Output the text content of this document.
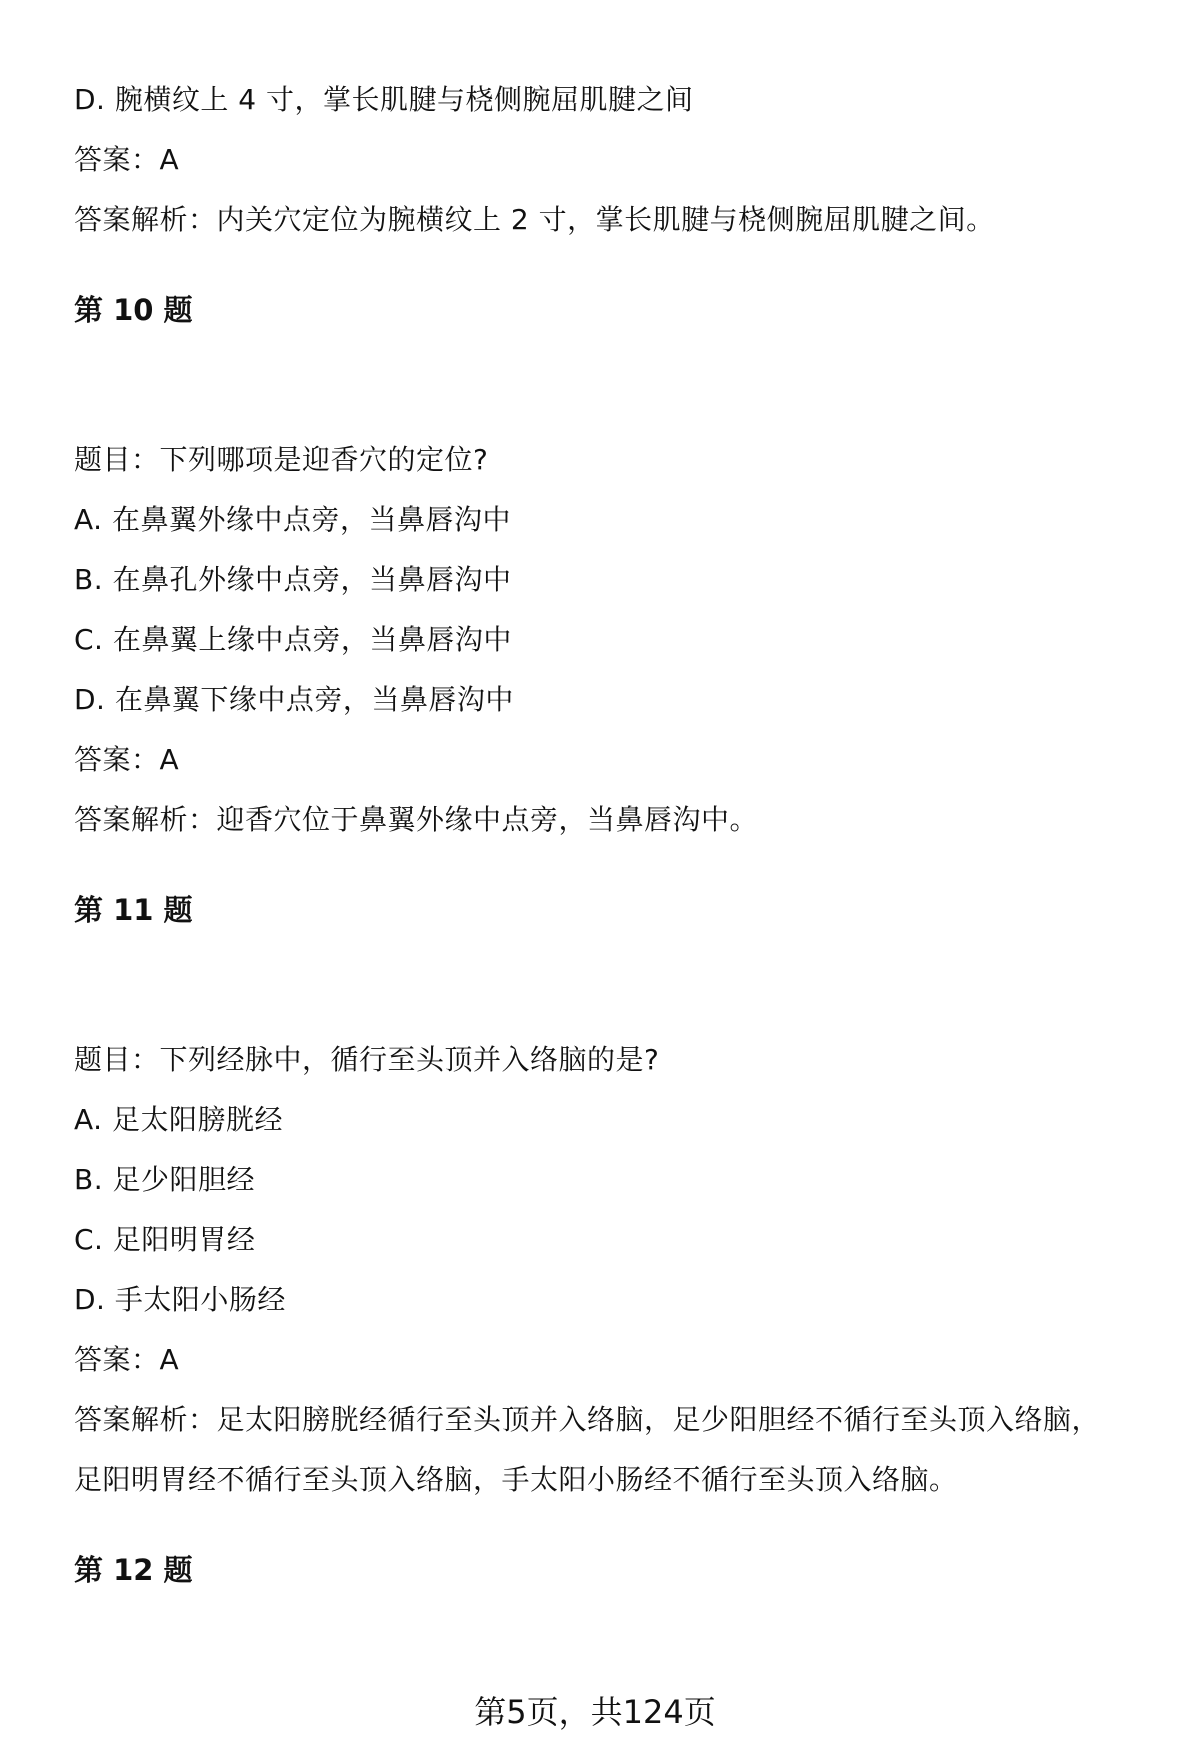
D. 腕横纹上 4 寸，掌长肌腱与桡侧腕屈肌腱之间
答案：A
答案解析：内关穴定位为腕横纹上 2 寸，掌长肌腱与桡侧腕屈肌腱之间。
第 10 题
题目：下列哪项是迎香穴的定位?
A. 在鼻翼外缘中点旁，当鼻唇沟中
B. 在鼻孔外缘中点旁，当鼻唇沟中
C. 在鼻翼上缘中点旁，当鼻唇沟中
D. 在鼻翼下缘中点旁，当鼻唇沟中
答案：A
答案解析：迎香穴位于鼻翼外缘中点旁，当鼻唇沟中。
第 11 题
题目：下列经脉中，循行至头顶并入络脑的是?
A. 足太阳膀胱经
B. 足少阳胆经
C. 足阳明胃经
D. 手太阳小肠经
答案：A
答案解析：足太阳膀胱经循行至头顶并入络脑，足少阳胆经不循行至头顶入络脑，
足阳明胃经不循行至头顶入络脑，手太阳小肠经不循行至头顶入络脑。
第 12 题
第5页，共124页
